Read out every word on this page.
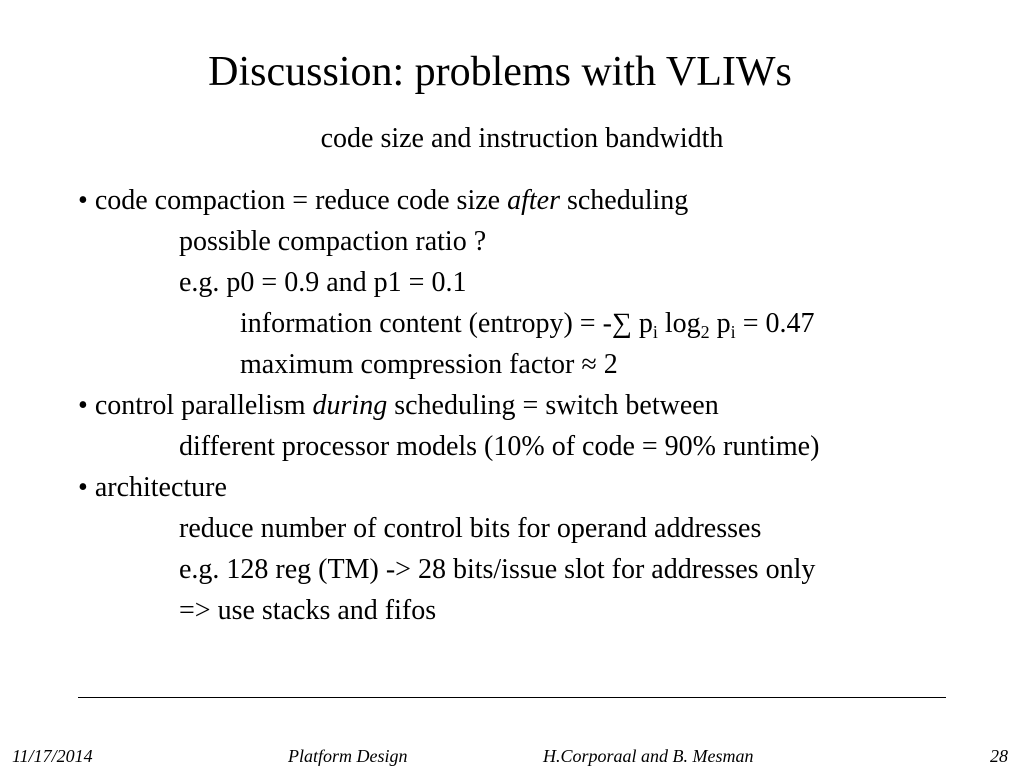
Discussion: problems with VLIWs
code size and instruction bandwidth
• code compaction = reduce code size after scheduling
possible compaction ratio ?
e.g. p0 = 0.9 and p1 = 0.1
information content (entropy) = -∑ $p_i$ $\log_2 p_i = 0.47$
maximum compression factor ≈ 2
• control parallelism during scheduling = switch between
different processor models (10% of code = 90% runtime)
• architecture
reduce number of control bits for operand addresses
e.g. 128 reg (TM) -> 28 bits/issue slot for addresses only
=> use stacks and fifos
11/17/2014	Platform Design	H.Corporaal and B. Mesman	28
